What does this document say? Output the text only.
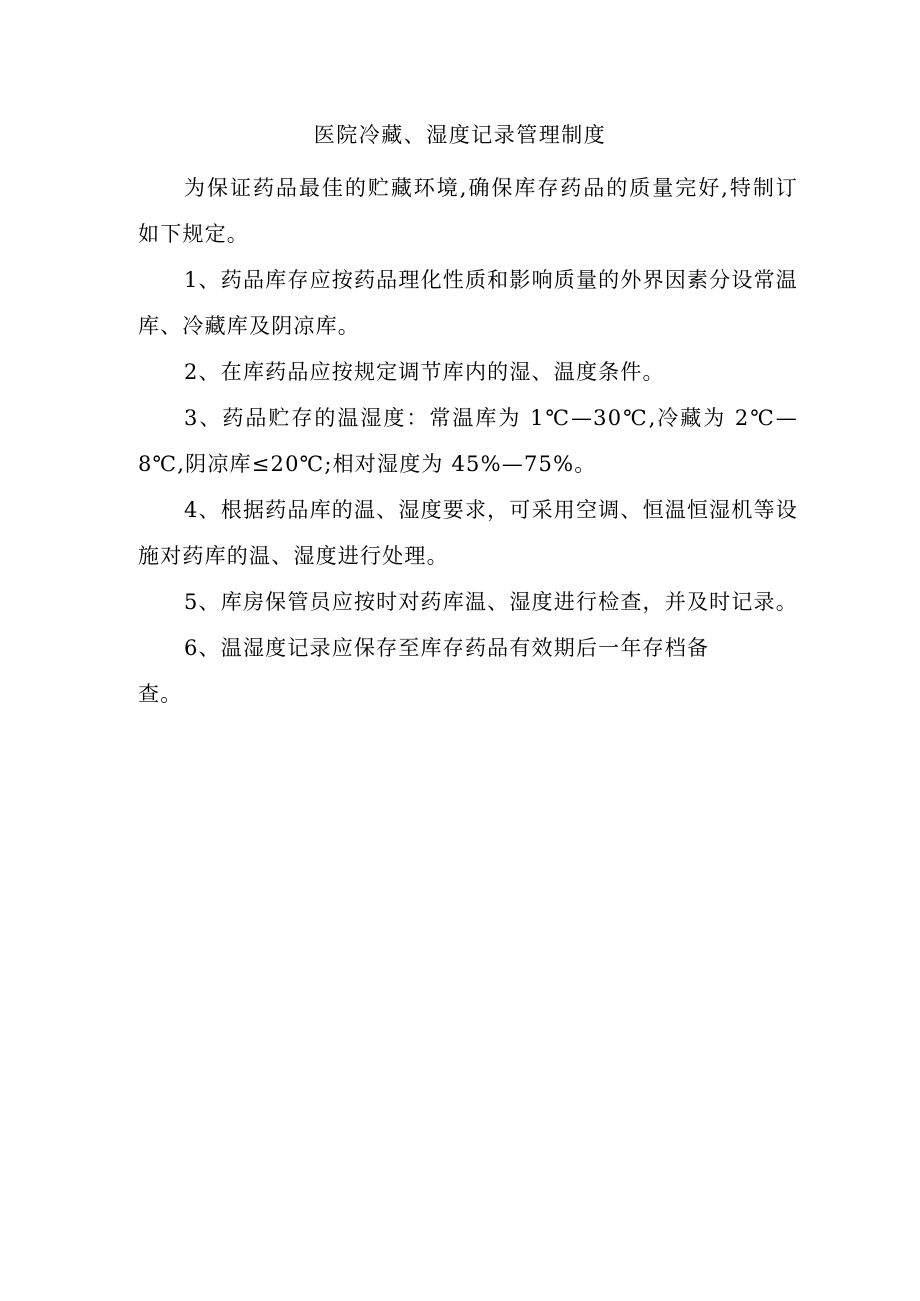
医院冷藏、湿度记录管理制度

为保证药品最佳的贮藏环境,确保库存药品的质量完好,特制订如下规定。

1、药品库存应按药品理化性质和影响质量的外界因素分设常温库、冷藏库及阴凉库。

2、在库药品应按规定调节库内的湿、温度条件。

3、药品贮存的温湿度：常温库为 1℃—30℃,冷藏为 2℃—8℃,阴凉库≤20℃;相对湿度为 45%—75%。

4、根据药品库的温、湿度要求，可采用空调、恒温恒湿机等设施对药库的温、湿度进行处理。

5、库房保管员应按时对药库温、湿度进行检查，并及时记录。

6、温湿度记录应保存至库存药品有效期后一年存档备查。
